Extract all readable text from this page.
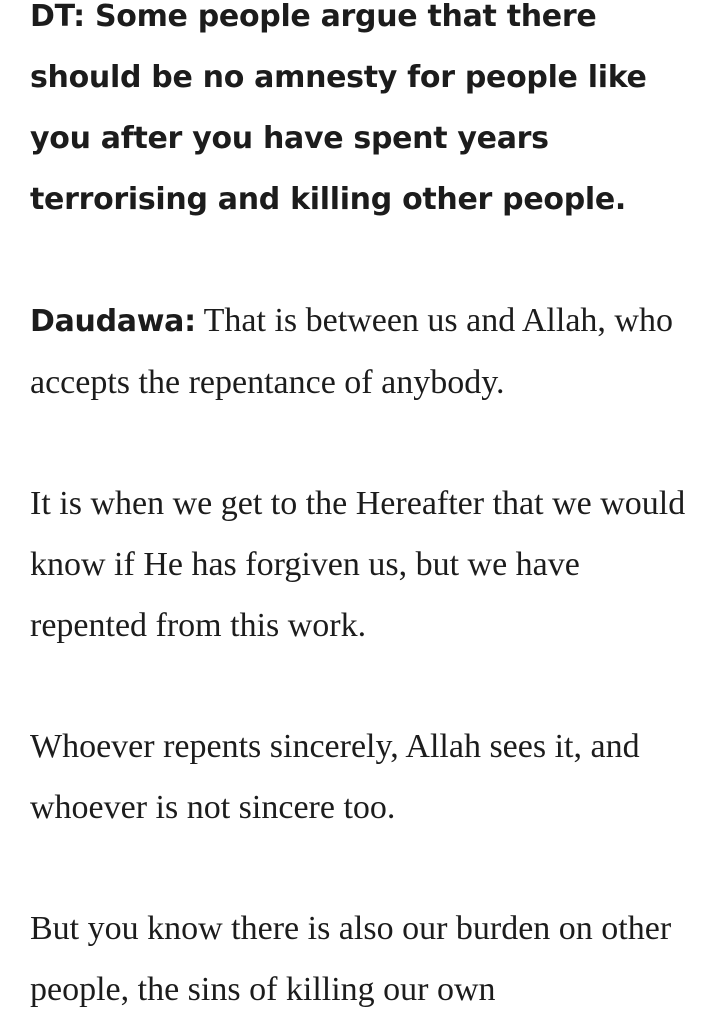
DT: Some people argue that there should be no amnesty for people like you after you have spent years terrorising and killing other people.

Daudawa: That is between us and Allah, who accepts the repentance of anybody.

It is when we get to the Hereafter that we would know if He has forgiven us, but we have repented from this work.

Whoever repents sincerely, Allah sees it, and whoever is not sincere too.

But you know there is also our burden on other people, the sins of killing our own
